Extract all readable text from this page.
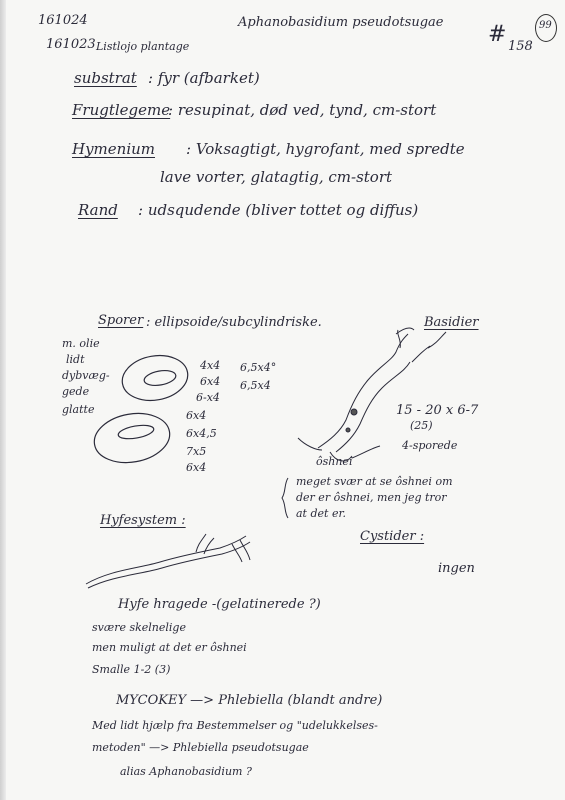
161024
161023 Listlojo plantage
Aphanobasidium pseudotsugae # 158
99
substrat : fyr (afbarket)
Frugtlegeme
: resupinat, død ved, tynd, cm-stort
Hymenium : Voksagtigt, hygrofant, med spredte
lave vorter, glatagtig, cm-stort
Rand : udsqudende (bliver tottet og diffus)
Sporer : ellipsoide/subcylindriske.
m. olie
lidt
dybvæg-
gede
glatte
4x4
6x4
6-x4
6x4
6x4,5
7x5
6x4
6,5x4°
6,5x4
Basidier
15 - 20 x 6-7
(25)
4-sporede
ôshnei
meget svær at se ôshnei om
der er ôshnei, men jeg tror
at det er.
Cystider :
ingen
Hyfesystem :
Hyfe hragede -(gelatinerede ?)
svære skelnelige
men muligt at det er ôshnei
Smalle 1-2 (3)
MYCOKEY —> Phlebiella (blandt andre)
Med lidt hjælp fra Bestemmelser og "udelukkelses-
metoden" —> Phlebiella pseudotsugae
alias Aphanobasidium ?
